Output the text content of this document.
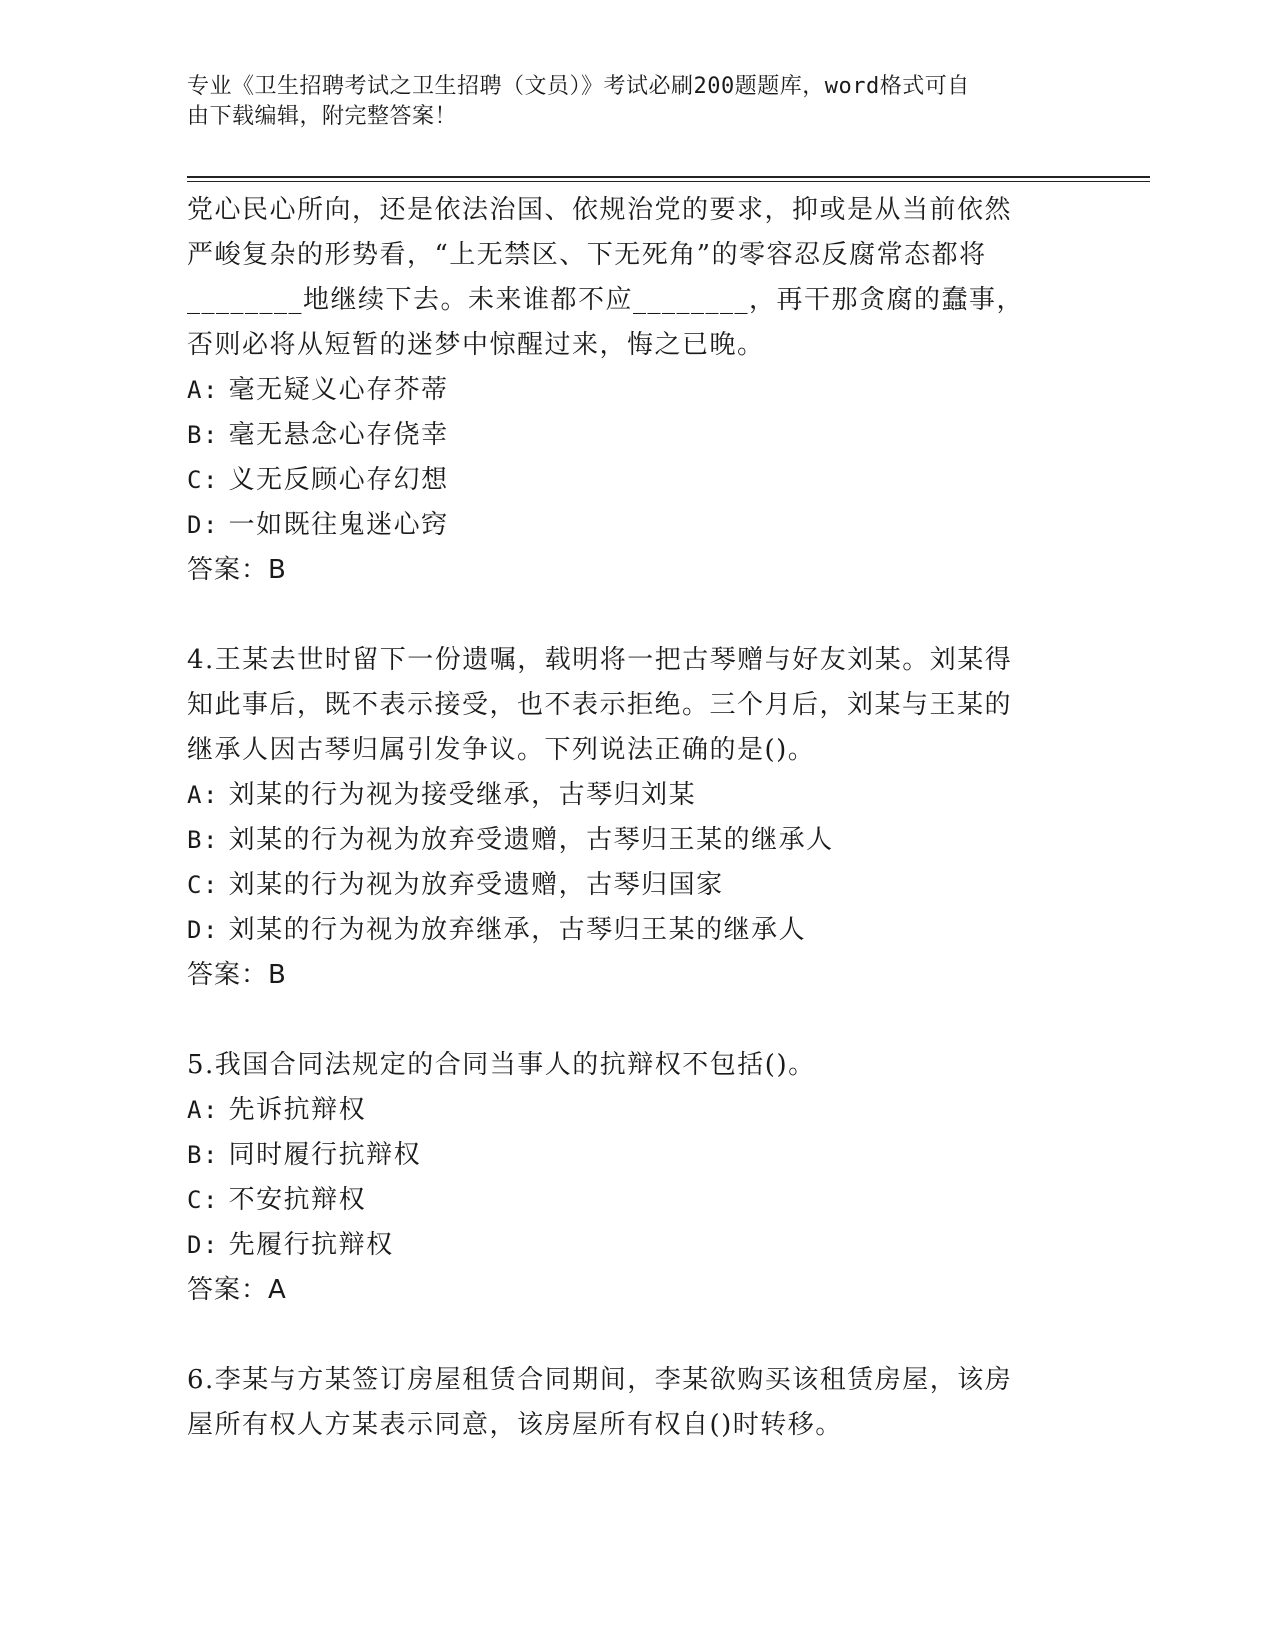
专业《卫生招聘考试之卫生招聘（文员）》考试必刷200题题库，word格式可自
由下载编辑，附完整答案！
党心民心所向，还是依法治国、依规治党的要求，抑或是从当前依然
严峻复杂的形势看，“上无禁区、下无死角”的零容忍反腐常态都将
________地继续下去。未来谁都不应________，再干那贪腐的蠢事，
否则必将从短暂的迷梦中惊醒过来，悔之已晚。
A: 毫无疑义心存芥蒂
B: 毫无悬念心存侥幸
C: 义无反顾心存幻想
D: 一如既往鬼迷心窍
答案：B
4.王某去世时留下一份遗嘱，载明将一把古琴赠与好友刘某。刘某得
知此事后，既不表示接受，也不表示拒绝。三个月后，刘某与王某的
继承人因古琴归属引发争议。下列说法正确的是()。
A: 刘某的行为视为接受继承，古琴归刘某
B: 刘某的行为视为放弃受遗赠，古琴归王某的继承人
C: 刘某的行为视为放弃受遗赠，古琴归国家
D: 刘某的行为视为放弃继承，古琴归王某的继承人
答案：B
5.我国合同法规定的合同当事人的抗辩权不包括()。
A: 先诉抗辩权
B: 同时履行抗辩权
C: 不安抗辩权
D: 先履行抗辩权
答案：A
6.李某与方某签订房屋租赁合同期间，李某欲购买该租赁房屋，该房
屋所有权人方某表示同意，该房屋所有权自()时转移。
